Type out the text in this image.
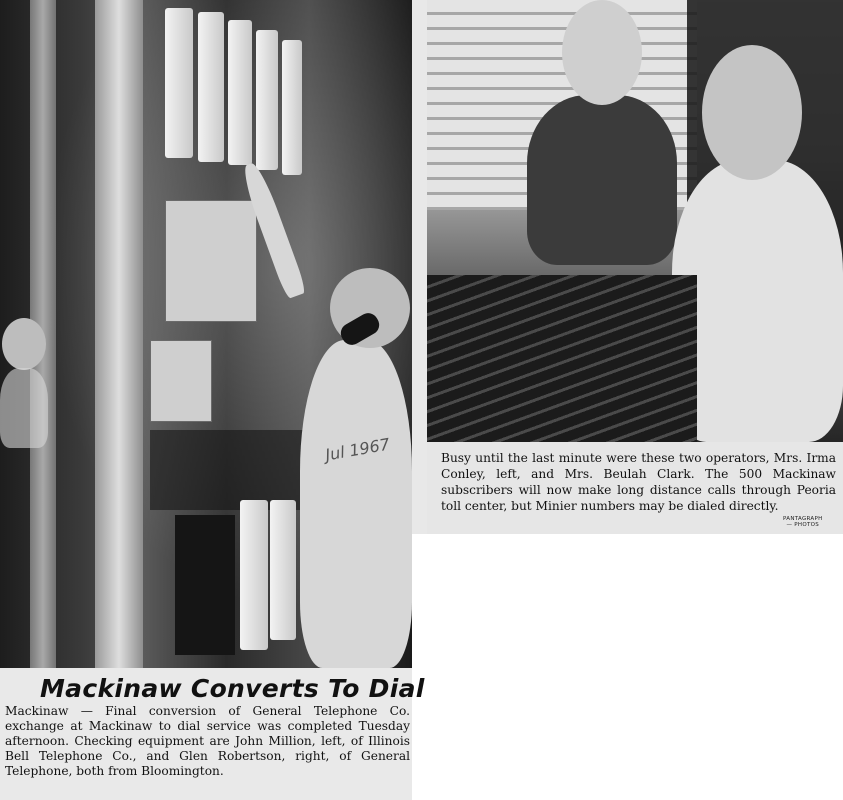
Jul 1967	Busy until the last minute were these two operators, Mrs. Irma Conley, left, and Mrs. Beulah Clark. The 500 Mackinaw subscribers will now make long distance calls through Peoria toll center, but Minier numbers may be dialed directly.
PANTAGRAPH
— PHOTOS
Mackinaw Converts To Dial
Mackinaw — Final conversion of General Telephone Co. exchange at Mackinaw to dial service was completed Tuesday afternoon. Checking equipment are John Million, left, of Illinois Bell Telephone Co., and Glen Robertson, right, of General Telephone, both from Bloomington.
